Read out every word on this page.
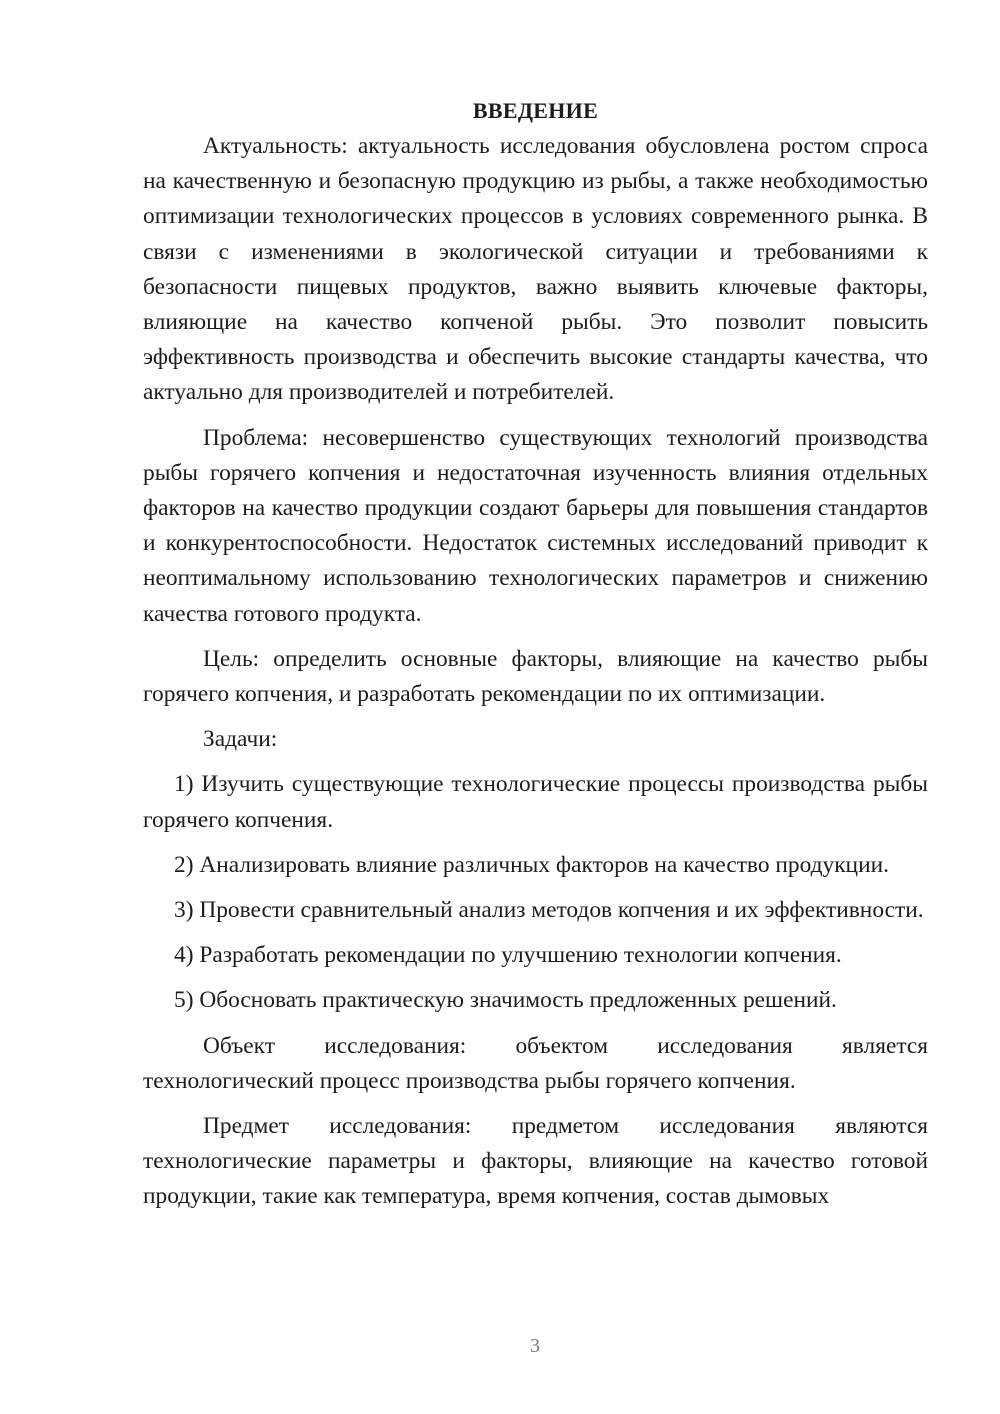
ВВЕДЕНИЕ

Актуальность: актуальность исследования обусловлена ростом спроса на качественную и безопасную продукцию из рыбы, а также необходимостью оптимизации технологических процессов в условиях современного рынка. В связи с изменениями в экологической ситуации и требованиями к безопасности пищевых продуктов, важно выявить ключевые факторы, влияющие на качество копченой рыбы. Это позволит повысить эффективность производства и обеспечить высокие стандарты качества, что актуально для производителей и потребителей.

Проблема: несовершенство существующих технологий производства рыбы горячего копчения и недостаточная изученность влияния отдельных факторов на качество продукции создают барьеры для повышения стандартов и конкурентоспособности. Недостаток системных исследований приводит к неоптимальному использованию технологических параметров и снижению качества готового продукта.

Цель: определить основные факторы, влияющие на качество рыбы горячего копчения, и разработать рекомендации по их оптимизации.

Задачи:

1) Изучить существующие технологические процессы производства рыбы горячего копчения.

2) Анализировать влияние различных факторов на качество продукции.

3) Провести сравнительный анализ методов копчения и их эффективности.

4) Разработать рекомендации по улучшению технологии копчения.

5) Обосновать практическую значимость предложенных решений.

Объект исследования: объектом исследования является технологический процесс производства рыбы горячего копчения.

Предмет исследования: предметом исследования являются технологические параметры и факторы, влияющие на качество готовой продукции, такие как температура, время копчения, состав дымовых

3
